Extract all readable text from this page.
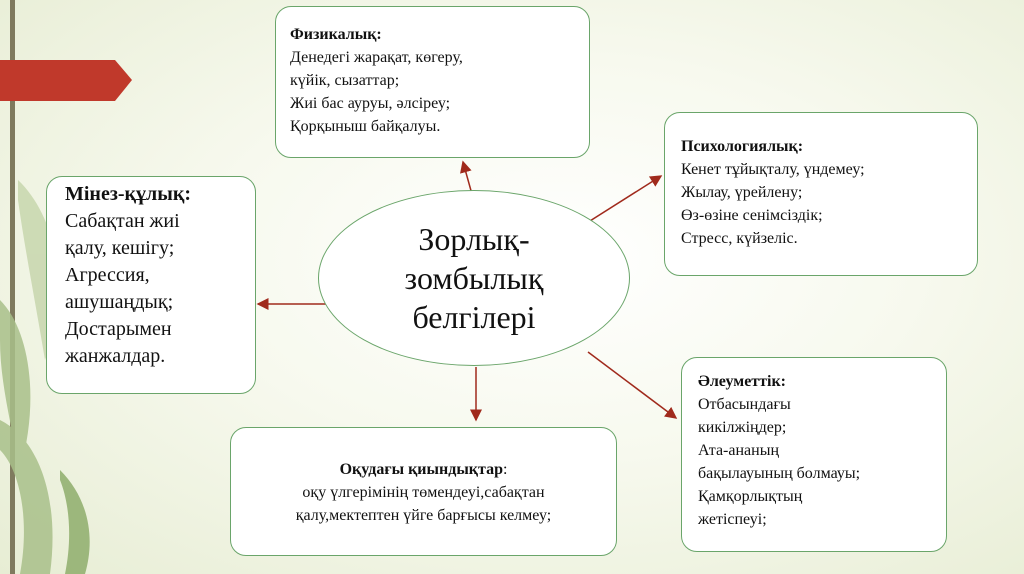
Физикалық:
Денедегі жарақат, көгеру,
күйік, сызаттар;
Жиі бас ауруы, әлсіреу;
Қорқыныш байқалуы.
Психологиялық:
Кенет тұйықталу, үндемеу;
Жылау, үрейлену;
Өз-өзіне сенімсіздік;
Стресс, күйзеліс.
Мінез-құлық:
Сабақтан жиі
қалу, кешігу;
Агрессия,
ашушаңдық;
Достарымен
жанжалдар.
Зорлық-
зомбылық
белгілері
Әлеуметтік:
Отбасындағы
кикілжіңдер;
Ата-ананың
бақылауының болмауы;
Қамқорлықтың
жетіспеуі;
Оқудағы қиындықтар:
оқу үлгерімінің төмендеуі,сабақтан
қалу,мектептен үйге барғысы келмеу;
